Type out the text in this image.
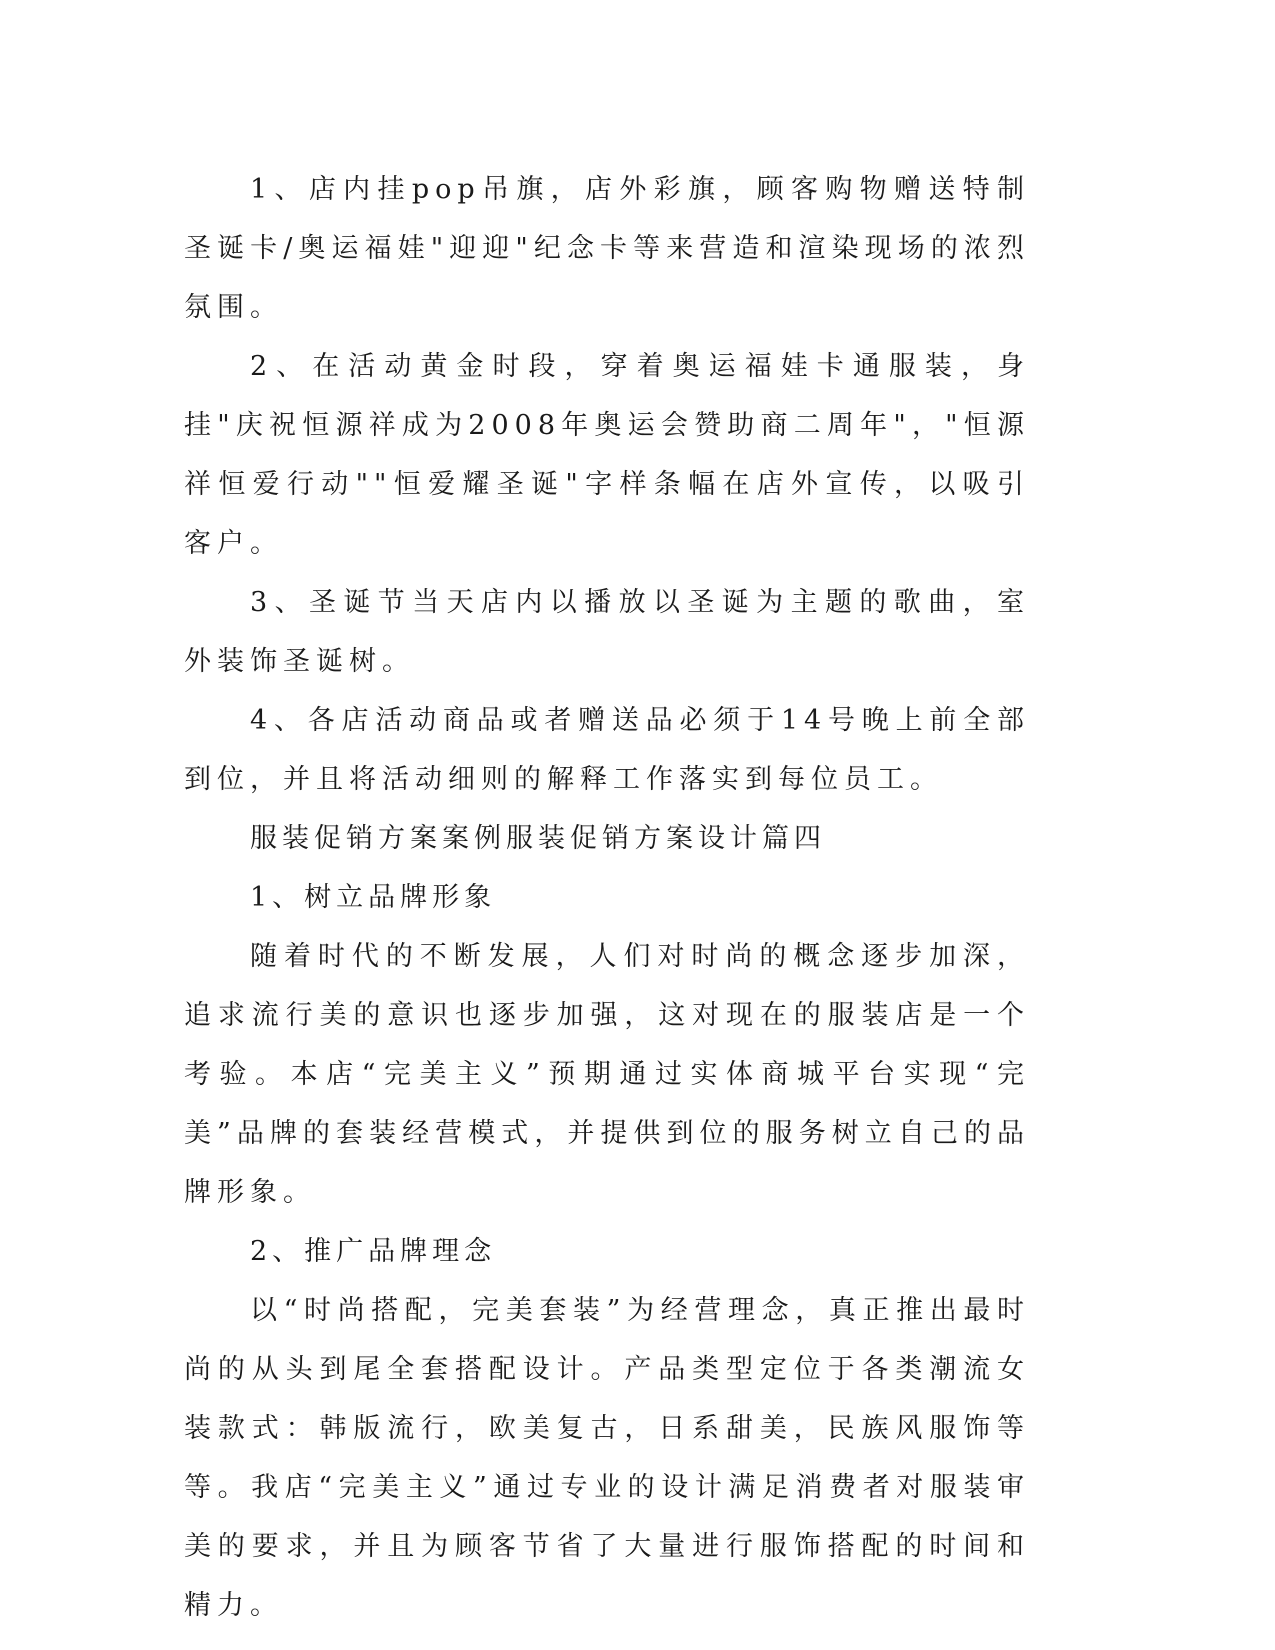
1、店内挂pop吊旗，店外彩旗，顾客购物赠送特制圣诞卡/奥运福娃"迎迎"纪念卡等来营造和渲染现场的浓烈氛围。

2、在活动黄金时段，穿着奥运福娃卡通服装，身挂"庆祝恒源祥成为2008年奥运会赞助商二周年"，"恒源祥恒爱行动""恒爱耀圣诞"字样条幅在店外宣传，以吸引客户。

3、圣诞节当天店内以播放以圣诞为主题的歌曲，室外装饰圣诞树。

4、各店活动商品或者赠送品必须于14号晚上前全部到位，并且将活动细则的解释工作落实到每位员工。

服装促销方案案例服装促销方案设计篇四

1、树立品牌形象

随着时代的不断发展，人们对时尚的概念逐步加深，追求流行美的意识也逐步加强，这对现在的服装店是一个考验。本店“完美主义”预期通过实体商城平台实现“完美”品牌的套装经营模式，并提供到位的服务树立自己的品牌形象。

2、推广品牌理念

以“时尚搭配，完美套装”为经营理念，真正推出最时尚的从头到尾全套搭配设计。产品类型定位于各类潮流女装款式：韩版流行，欧美复古，日系甜美，民族风服饰等等。我店“完美主义”通过专业的设计满足消费者对服装审美的要求，并且为顾客节省了大量进行服饰搭配的时间和精力。
